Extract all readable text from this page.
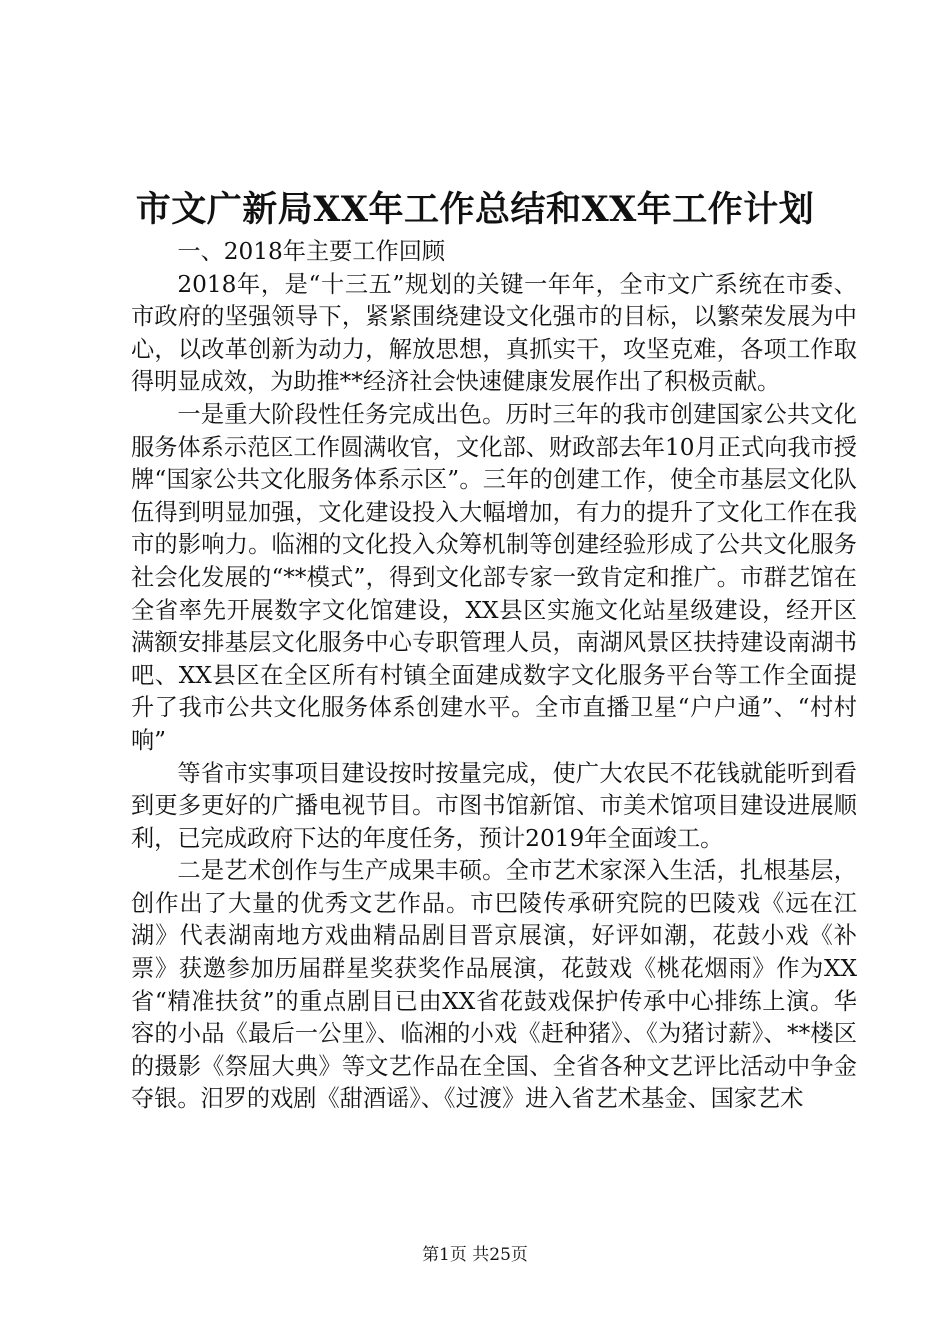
市文广新局XX年工作总结和XX年工作计划

一、2018年主要工作回顾

2018年，是“十三五”规划的关键一年年，全市文广系统在市委、市政府的坚强领导下，紧紧围绕建设文化强市的目标，以繁荣发展为中心，以改革创新为动力，解放思想，真抓实干，攻坚克难，各项工作取得明显成效，为助推**经济社会快速健康发展作出了积极贡献。

一是重大阶段性任务完成出色。历时三年的我市创建国家公共文化服务体系示范区工作圆满收官，文化部、财政部去年10月正式向我市授牌“国家公共文化服务体系示区”。三年的创建工作，使全市基层文化队伍得到明显加强，文化建设投入大幅增加，有力的提升了文化工作在我市的影响力。临湘的文化投入众筹机制等创建经验形成了公共文化服务社会化发展的“**模式”，得到文化部专家一致肯定和推广。市群艺馆在全省率先开展数字文化馆建设，XX县区实施文化站星级建设，经开区满额安排基层文化服务中心专职管理人员，南湖风景区扶持建设南湖书吧、XX县区在全区所有村镇全面建成数字文化服务平台等工作全面提升了我市公共文化服务体系创建水平。全市直播卫星“户户通”、“村村响”

等省市实事项目建设按时按量完成，使广大农民不花钱就能听到看到更多更好的广播电视节目。市图书馆新馆、市美术馆项目建设进展顺利，已完成政府下达的年度任务，预计2019年全面竣工。

二是艺术创作与生产成果丰硕。全市艺术家深入生活，扎根基层，创作出了大量的优秀文艺作品。市巴陵传承研究院的巴陵戏《远在江湖》代表湖南地方戏曲精品剧目晋京展演，好评如潮，花鼓小戏《补票》获邀参加历届群星奖获奖作品展演，花鼓戏《桃花烟雨》作为XX省“精准扶贫”的重点剧目已由XX省花鼓戏保护传承中心排练上演。华容的小品《最后一公里》、临湘的小戏《赶种猪》、《为猪讨薪》、**楼区的摄影《祭屈大典》等文艺作品在全国、全省各种文艺评比活动中争金夺银。汨罗的戏剧《甜酒谣》、《过渡》进入省艺术基金、国家艺术

第1页 共25页
